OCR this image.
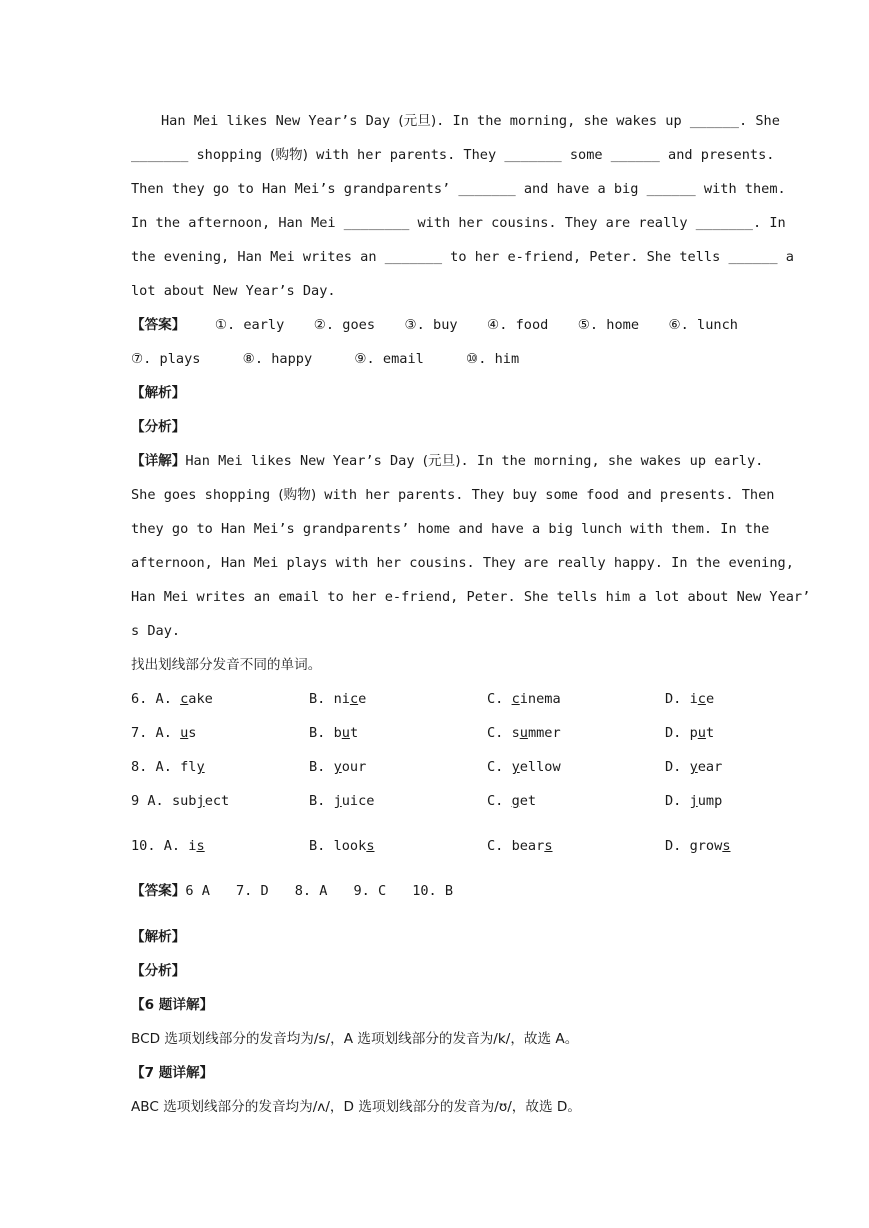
Han Mei likes New Year’s Day (元旦). In the morning, she wakes up ______. She
_______ shopping (购物) with her parents. They _______ some ______ and presents.
Then they go to Han Mei’s grandparents’ _______ and have a big ______ with them.
In the afternoon, Han Mei ________ with her cousins. They are really _______. In
the evening, Han Mei writes an _______ to her e-friend, Peter. She tells ______ a
lot about New Year’s Day.
【答案】 ①. early ②. goes ③. buy ④. food ⑤. home ⑥. lunch
⑦. plays	⑧. happy	⑨. email	⑩. him
【解析】
【分析】
【详解】Han Mei likes New Year’s Day (元旦). In the morning, she wakes up early.
She goes shopping (购物) with her parents. They buy some food and presents. Then
they go to Han Mei’s grandparents’ home and have a big lunch with them. In the
afternoon, Han Mei plays with her cousins. They are really happy. In the evening,
Han Mei writes an email to her e-friend, Peter. She tells him a lot about New Year’
s Day.
找出划线部分发音不同的单词。
6. A. cake	B. nice	C. cinema	D. ice
7. A. us	B. but	C. summer	D. put
8. A. fly	B. your	C. yellow	D. year
9 A. subject	B. juice	C. get	D. jump
10. A. is	B. looks	C. bears	D. grows
【答案】6 A 7. D 8. A 9. C 10. B
【解析】
【分析】
【6 题详解】
BCD 选项划线部分的发音均为/s/，A 选项划线部分的发音为/k/，故选 A。
【7 题详解】
ABC 选项划线部分的发音均为/ʌ/，D 选项划线部分的发音为/ʊ/，故选 D。
